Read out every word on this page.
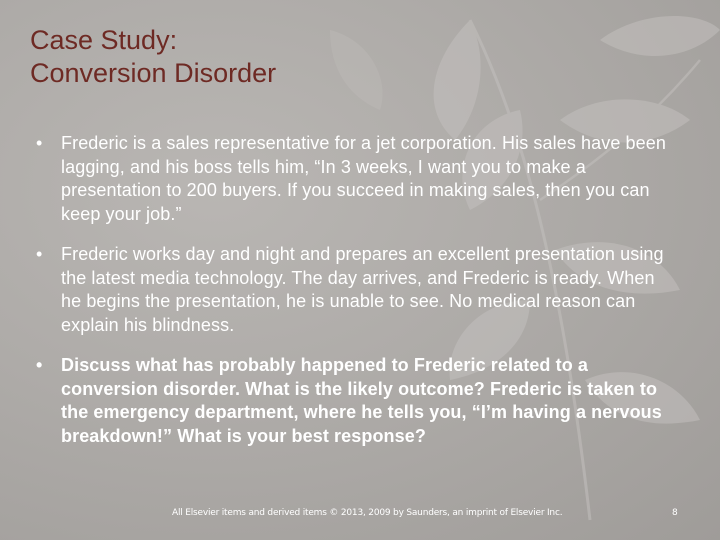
Case Study:
Conversion Disorder
• Frederic is a sales representative for a jet corporation. His sales have been lagging, and his boss tells him, “In 3 weeks, I want you to make a presentation to 200 buyers. If you succeed in making sales, then you can keep your job.”
• Frederic works day and night and prepares an excellent presentation using the latest media technology. The day arrives, and Frederic is ready. When he begins the presentation, he is unable to see. No medical reason can explain his blindness.
• Discuss what has probably happened to Frederic related to a conversion disorder. What is the likely outcome? Frederic is taken to the emergency department, where he tells you, “I’m having a nervous breakdown!” What is your best response?
All Elsevier items and derived items © 2013, 2009 by Saunders, an imprint of Elsevier Inc.	8
